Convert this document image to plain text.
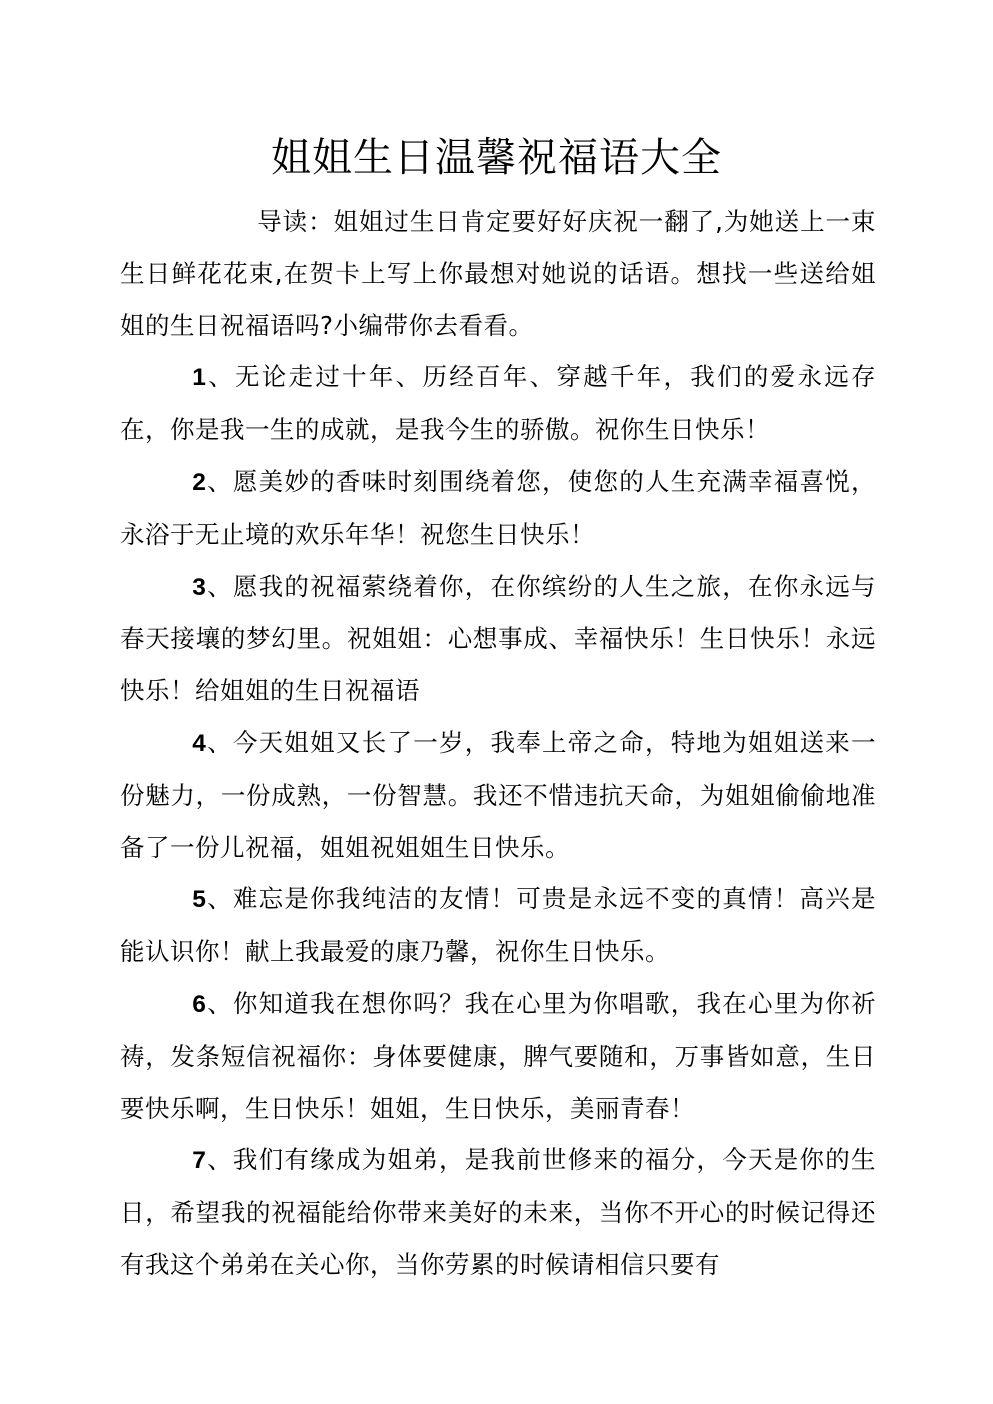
姐姐生日温馨祝福语大全

导读：姐姐过生日肯定要好好庆祝一翻了,为她送上一束生日鲜花花束,在贺卡上写上你最想对她说的话语。想找一些送给姐姐的生日祝福语吗?小编带你去看看。

1、无论走过十年、历经百年、穿越千年，我们的爱永远存在，你是我一生的成就，是我今生的骄傲。祝你生日快乐！

2、愿美妙的香味时刻围绕着您，使您的人生充满幸福喜悦，永浴于无止境的欢乐年华！祝您生日快乐！

3、愿我的祝福萦绕着你，在你缤纷的人生之旅，在你永远与春天接壤的梦幻里。祝姐姐：心想事成、幸福快乐！生日快乐！永远快乐！给姐姐的生日祝福语

4、今天姐姐又长了一岁，我奉上帝之命，特地为姐姐送来一份魅力，一份成熟，一份智慧。我还不惜违抗天命，为姐姐偷偷地准备了一份儿祝福，姐姐祝姐姐生日快乐。

5、难忘是你我纯洁的友情！可贵是永远不变的真情！高兴是能认识你！献上我最爱的康乃馨，祝你生日快乐。

6、你知道我在想你吗？我在心里为你唱歌，我在心里为你祈祷，发条短信祝福你：身体要健康，脾气要随和，万事皆如意，生日要快乐啊，生日快乐！姐姐，生日快乐，美丽青春！

7、我们有缘成为姐弟，是我前世修来的福分，今天是你的生日，希望我的祝福能给你带来美好的未来，当你不开心的时候记得还有我这个弟弟在关心你，当你劳累的时候请相信只要有
